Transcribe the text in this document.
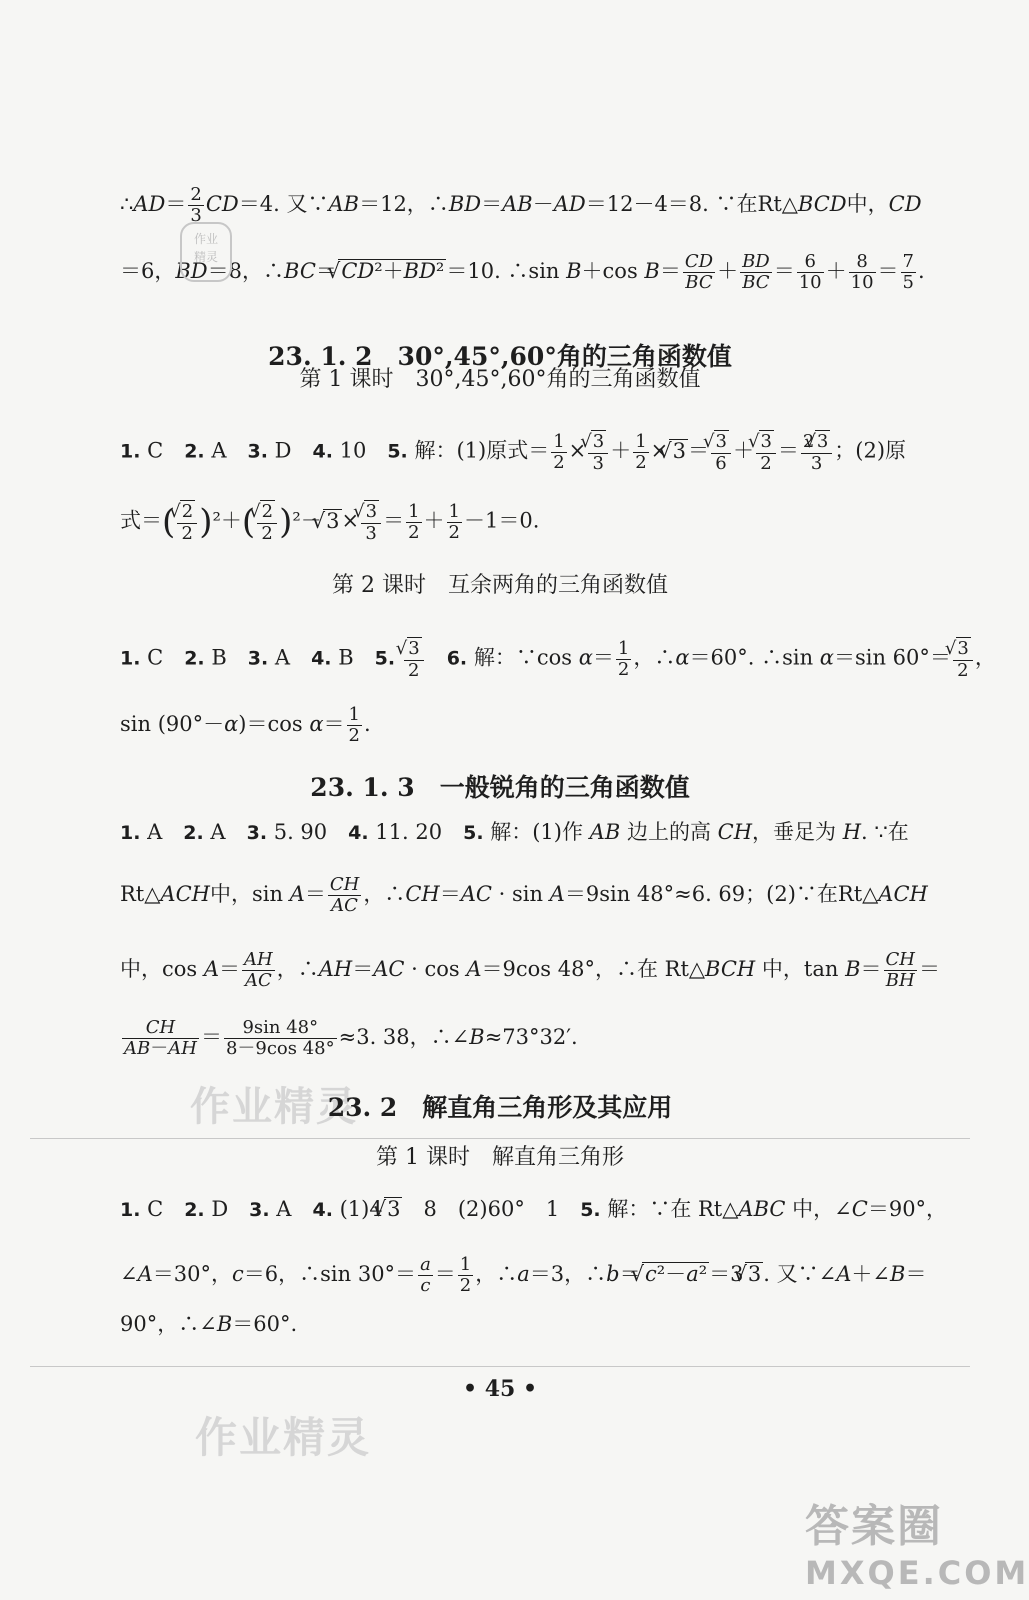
∴AD＝ $\frac{2}{3} CD=4$. 又∵AB＝12，∴BD＝AB－AD＝12－4＝8. ∵在Rt△BCD中，CD
＝6，BD＝8，∴BC＝√ CD²＋BD²＝10. ∴sin B＋cos $B= \frac{CD}{BC} + \frac{BD}{BC} = \frac{6}{10} + \frac{8}{10} = \frac{7}{5}$ .
作业
精灵
23. 1. 2　30°,45°,60°角的三角函数值
第 1 课时　30°,45°,60°角的三角函数值
1. C　2. A　3. D　4. 10　5. 解：(1)原式＝ $\frac{1}{2}$ ×
√ $\frac{3}{3} + \frac{1}{2}$ ×√ 3＝
√ $\frac{3}{6}$ ＋
√ $\frac{3}{2} = \frac{2√ 3}{3}$ ；(2)原
式＝(
√ $\frac{2}{2} )^2+$(
√ $\frac{2}{2} )^2-√$ 3×
√ $\frac{3}{3} = \frac{1}{2} + \frac{1}{2} -1=0$.
第 2 课时　互余两角的三角函数值
1. C　2. B　3. A　4. B　5.
√ $\frac{3}{2}$
　 6. 解：∵cos $\alpha= \frac{1}{2}$ ，∴α＝60°. ∴sin α＝sin 60°＝
√ $\frac{3}{2}$ ，
sin (90°－α)＝cos $\alpha= \frac{1}{2}$ .
23. 1. 3　一般锐角的三角函数值
1. A　2. A　3. 5. 90　4. 11. 20　5. 解：(1)作 AB 边上的高 CH，垂足为 H. ∵在
Rt△ACH中，$\sin A= \frac{CH}{AC}$ ，∴CH＝AC · sin A＝9sin 48°≈6. 69；(2)∵在Rt△ACH
中，$\cos A= \frac{AH}{AC}$ ，∴AH＝AC · cos A＝9cos 48°，∴在 Rt△BCH 中，$\tan B= \frac{CH}{BH}$ ＝
$\frac{CH}{AB-AH} = \frac{9\sin 48^\circ}{8-9\cos 48^\circ} \approx 3$. 38，∴∠B≈73°32′.
作业精灵
23. 2　解直角三角形及其应用
第 1 课时　解直角三角形
1. C　2. D　3. A　4. (1)4√ 3　8　(2)60°　1　5. 解：∵在 Rt△ABC 中，∠C＝90°，
∠A＝30°，c＝6，∴sin $30^\circ= \frac{a}{c} = \frac{1}{2}$ ，∴a＝3，∴b＝√ c²－a²＝3√ 3. 又∵∠A＋∠B＝
90°，∴∠B＝60°.
• 45 •
作业精灵
答案圈
MXQE.COM
